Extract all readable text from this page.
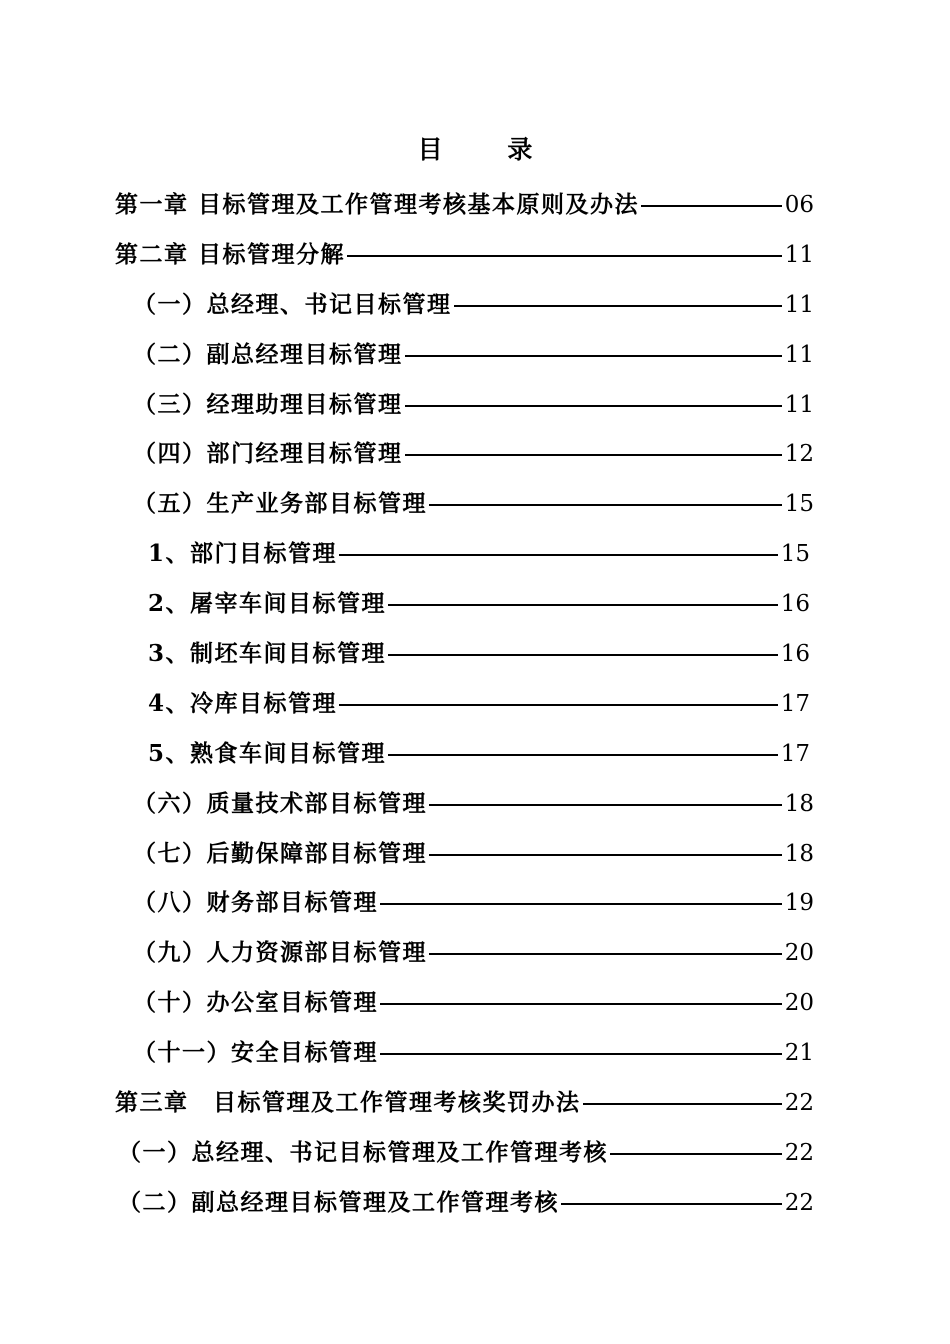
目 录
第一章 目标管理及工作管理考核基本原则及办法	06
第二章 目标管理分解	11
（一）总经理、书记目标管理	11
（二）副总经理目标管理	11
（三）经理助理目标管理	11
（四）部门经理目标管理	12
（五）生产业务部目标管理	15
1、部门目标管理	15
2、屠宰车间目标管理	16
3、制坯车间目标管理	16
4、冷库目标管理	17
5、熟食车间目标管理	17
（六）质量技术部目标管理	18
（七）后勤保障部目标管理	18
（八）财务部目标管理	19
（九）人力资源部目标管理	20
（十）办公室目标管理	20
（十一）安全目标管理	21
第三章　目标管理及工作管理考核奖罚办法	22
（一）总经理、书记目标管理及工作管理考核	22
（二）副总经理目标管理及工作管理考核	22
